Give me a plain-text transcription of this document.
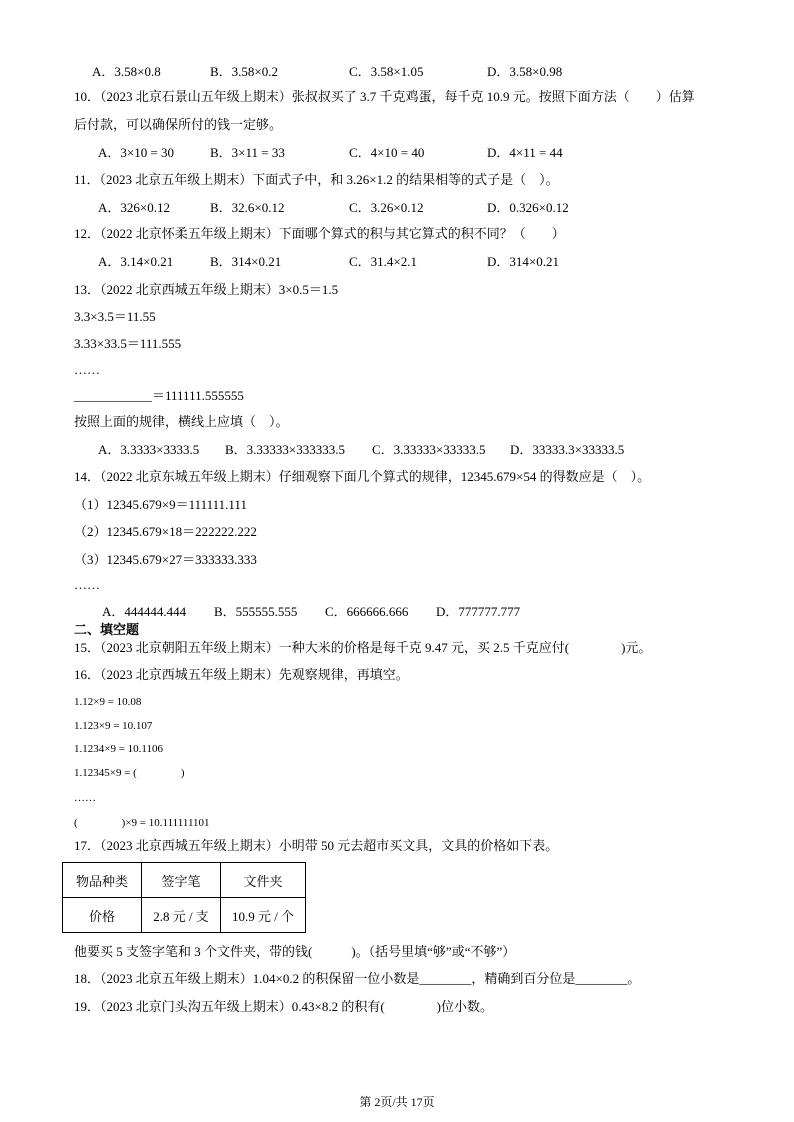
A．3.58×0.8	B．3.58×0.2	C．3.58×1.05	D．3.58×0.98
10．（2023 北京石景山五年级上期末）张叔叔买了 3.7 千克鸡蛋，每千克 10.9 元。按照下面方法（　　）估算
后付款，可以确保所付的钱一定够。
A．3×10 = 30	B．3×11 = 33	C．4×10 = 40	D．4×11 = 44
11．（2023 北京五年级上期末）下面式子中，和 3.26×1.2 的结果相等的式子是（　）。
A．326×0.12	B．32.6×0.12	C．3.26×0.12	D．0.326×0.12
12．（2022 北京怀柔五年级上期末）下面哪个算式的积与其它算式的积不同？（　　）
A．3.14×0.21	B．314×0.21	C．31.4×2.1	D．314×0.21
13．（2022 北京西城五年级上期末）3×0.5＝1.5
3.3×3.5＝11.55
3.33×33.5＝111.555
……
____________＝111111.555555
按照上面的规律，横线上应填（　）。
A．3.3333×3333.5 B．3.33333×333333.5 C．3.33333×33333.5 D．33333.3×33333.5
14．（2022 北京东城五年级上期末）仔细观察下面几个算式的规律，12345.679×54 的得数应是（　）。
（1）12345.679×9＝111111.111
（2）12345.679×18＝222222.222
（3）12345.679×27＝333333.333
……
A．444444.444 B．555555.555 C．666666.666 D．777777.777
二、填空题
15．（2023 北京朝阳五年级上期末）一种大米的价格是每千克 9.47 元，买 2.5 千克应付(　　　　)元。
16．（2023 北京西城五年级上期末）先观察规律，再填空。
1.12×9 = 10.08
1.123×9 = 10.107
1.1234×9 = 10.1106
1.12345×9 = (　　　　)
……
(　　　　)×9 = 10.111111101
17．（2023 北京西城五年级上期末）小明带 50 元去超市买文具，文具的价格如下表。
物品种类	签字笔	文件夹
价格	2.8 元 / 支	10.9 元 / 个
他要买 5 支签字笔和 3 个文件夹，带的钱(　　　)。（括号里填“够”或“不够”）
18．（2023 北京五年级上期末）1.04×0.2 的积保留一位小数是________，精确到百分位是________。
19．（2023 北京门头沟五年级上期末）0.43×8.2 的积有(　　　　)位小数。
第 2页/共 17页
